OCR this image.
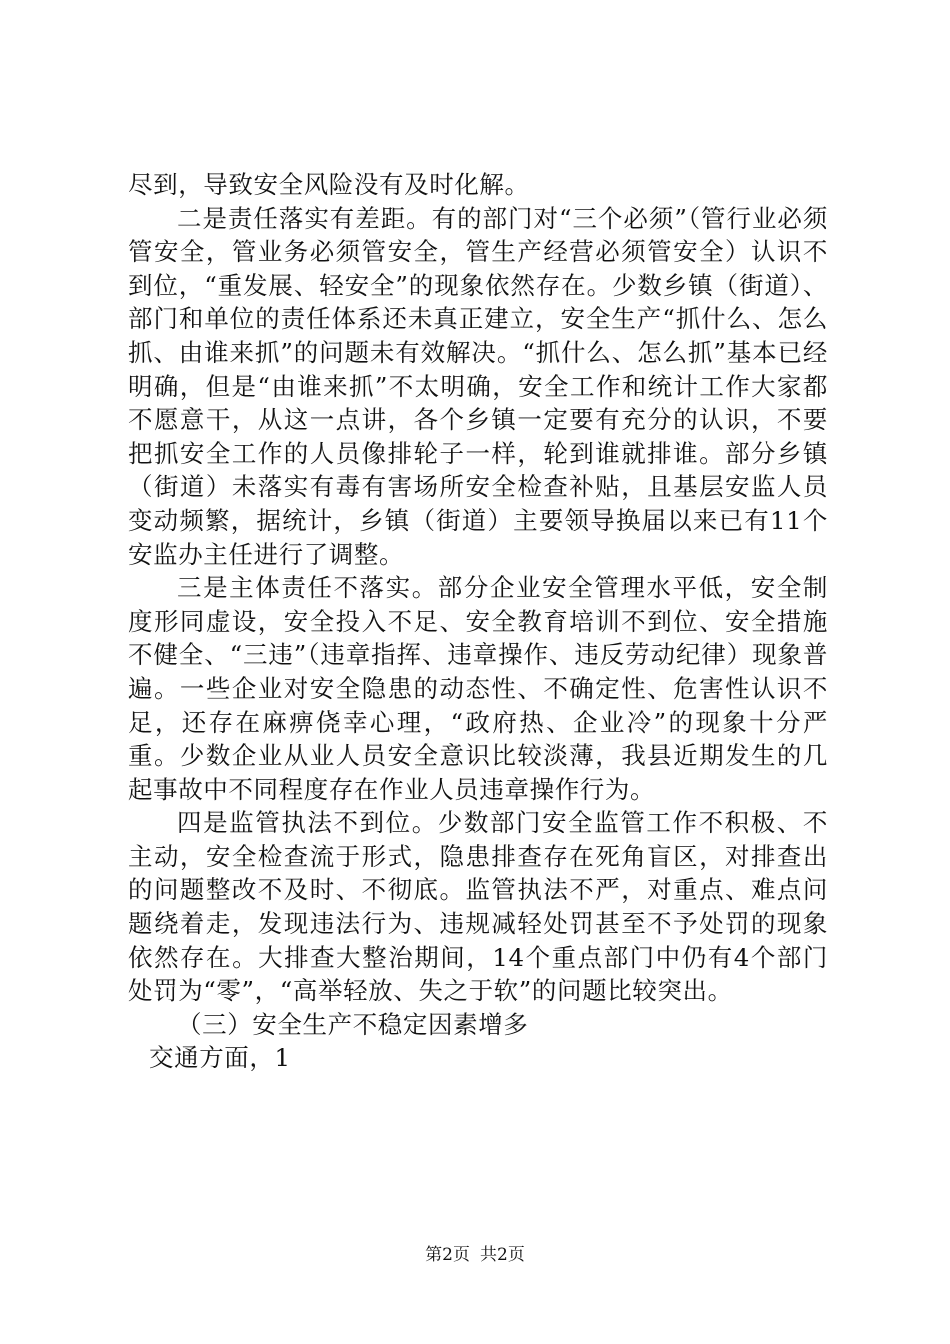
尽到，导致安全风险没有及时化解。

二是责任落实有差距。有的部门对“三个必须”（管行业必须管安全，管业务必须管安全，管生产经营必须管安全）认识不到位，“重发展、轻安全”的现象依然存在。少数乡镇（街道）、部门和单位的责任体系还未真正建立，安全生产“抓什么、怎么抓、由谁来抓”的问题未有效解决。“抓什么、怎么抓”基本已经明确，但是“由谁来抓”不太明确，安全工作和统计工作大家都不愿意干，从这一点讲，各个乡镇一定要有充分的认识，不要把抓安全工作的人员像排轮子一样，轮到谁就排谁。部分乡镇（街道）未落实有毒有害场所安全检查补贴，且基层安监人员变动频繁，据统计，乡镇（街道）主要领导换届以来已有11个安监办主任进行了调整。

三是主体责任不落实。部分企业安全管理水平低，安全制度形同虚设，安全投入不足、安全教育培训不到位、安全措施不健全、“三违”（违章指挥、违章操作、违反劳动纪律）现象普遍。一些企业对安全隐患的动态性、不确定性、危害性认识不足，还存在麻痹侥幸心理，“政府热、企业冷”的现象十分严重。少数企业从业人员安全意识比较淡薄，我县近期发生的几起事故中不同程度存在作业人员违章操作行为。

四是监管执法不到位。少数部门安全监管工作不积极、不主动，安全检查流于形式，隐患排查存在死角盲区，对排查出的问题整改不及时、不彻底。监管执法不严，对重点、难点问题绕着走，发现违法行为、违规减轻处罚甚至不予处罚的现象依然存在。大排查大整治期间，14个重点部门中仍有4个部门处罚为“零”，“高举轻放、失之于软”的问题比较突出。

（三）安全生产不稳定因素增多

交通方面，1

第2页 共2页
